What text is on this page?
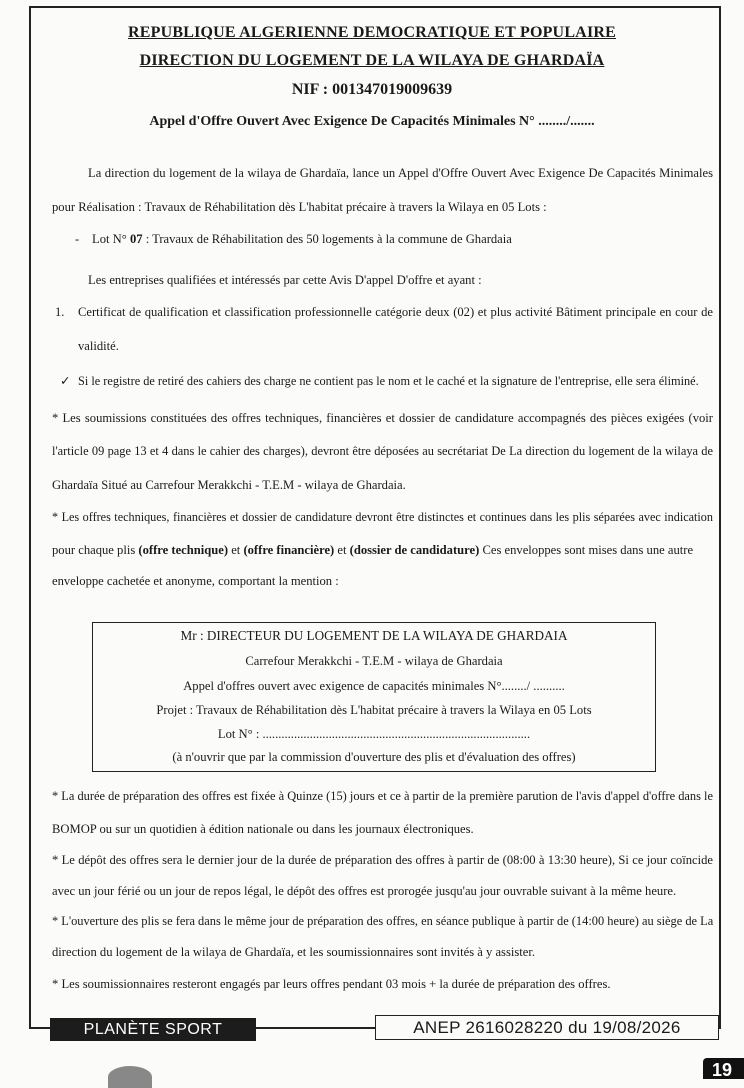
REPUBLIQUE ALGERIENNE DEMOCRATIQUE ET POPULAIRE
DIRECTION DU LOGEMENT DE LA WILAYA DE GHARDAÏA
NIF : 001347019009639
Appel d'Offre Ouvert Avec Exigence De Capacités Minimales N° ......../.......
La direction du logement de la wilaya de Ghardaïa, lance un Appel d'Offre Ouvert Avec Exigence De Capacités Minimales
pour Réalisation : Travaux de Réhabilitation dès L'habitat précaire à travers la Wilaya en 05 Lots :
- Lot N° 07 : Travaux de Réhabilitation des 50 logements à la commune de Ghardaia
Les entreprises qualifiées et intéressés par cette Avis D'appel D'offre et ayant :
1. Certificat de qualification et classification professionnelle catégorie deux (02) et plus activité Bâtiment principale en cour de
validité.
✓ Si le registre de retiré des cahiers des charge ne contient pas le nom et le caché et la signature de l'entreprise, elle sera éliminé.
* Les soumissions constituées des offres techniques, financières et dossier de candidature accompagnés des pièces exigées (voir
l'article 09 page 13 et 4 dans le cahier des charges), devront être déposées au secrétariat De La direction du logement de la wilaya de
Ghardaïa Situé au Carrefour Merakkchi - T.E.M - wilaya de Ghardaia.
* Les offres techniques, financières et dossier de candidature devront être distinctes et continues dans les plis séparées avec indication
pour chaque plis (offre technique) et (offre financière) et (dossier de candidature) Ces enveloppes sont mises dans une autre
enveloppe cachetée et anonyme, comportant la mention :
Mr : DIRECTEUR DU LOGEMENT DE LA WILAYA DE GHARDAIA
Carrefour Merakkchi - T.E.M - wilaya de Ghardaia
Appel d'offres ouvert avec exigence de capacités minimales N°......../ ..........
Projet : Travaux de Réhabilitation dès L'habitat précaire à travers la Wilaya en 05 Lots
Lot N° : .....................................................................................
(à n'ouvrir que par la commission d'ouverture des plis et d'évaluation des offres)
* La durée de préparation des offres est fixée à Quinze (15) jours et ce à partir de la première parution de l'avis d'appel d'offre dans le
BOMOP ou sur un quotidien à édition nationale ou dans les journaux électroniques.
* Le dépôt des offres sera le dernier jour de la durée de préparation des offres à partir de (08:00 à 13:30 heure), Si ce jour coïncide
avec un jour férié ou un jour de repos légal, le dépôt des offres est prorogée jusqu'au jour ouvrable suivant à la même heure.
* L'ouverture des plis se fera dans le même jour de préparation des offres, en séance publique à partir de (14:00 heure) au siège de La
direction du logement de la wilaya de Ghardaïa, et les soumissionnaires sont invités à y assister.
* Les soumissionnaires resteront engagés par leurs offres pendant 03 mois + la durée de préparation des offres.
PLANÈTE SPORT	ANEP 2616028220 du 19/08/2026
19
